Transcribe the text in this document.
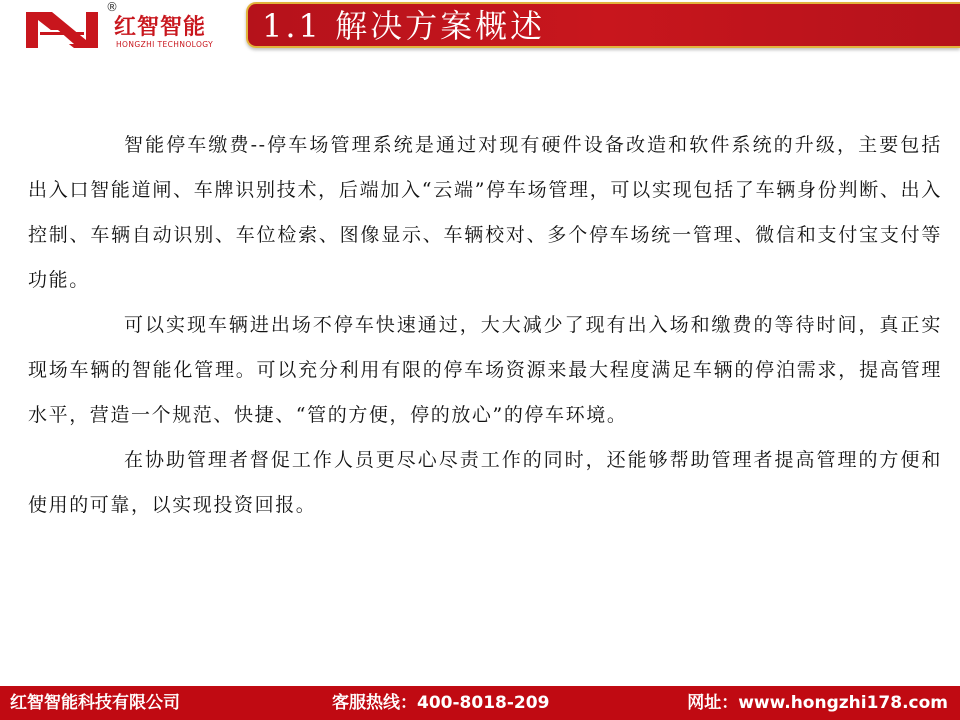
®
红智智能
HONGZHI TECHNOLOGY 1.1 解决方案概述

智能停车缴费--停车场管理系统是通过对现有硬件设备改造和软件系统的升级，主要包括出入口智能道闸、车牌识别技术，后端加入“云端”停车场管理，可以实现包括了车辆身份判断、出入控制、车辆自动识别、车位检索、图像显示、车辆校对、多个停车场统一管理、微信和支付宝支付等功能。

可以实现车辆进出场不停车快速通过，大大减少了现有出入场和缴费的等待时间，真正实现场车辆的智能化管理。可以充分利用有限的停车场资源来最大程度满足车辆的停泊需求，提高管理水平，营造一个规范、快捷、“管的方便，停的放心”的停车环境。

在协助管理者督促工作人员更尽心尽责工作的同时，还能够帮助管理者提高管理的方便和使用的可靠，以实现投资回报。

红智智能科技有限公司	客服热线：400-8018-209	网址：www.hongzhi178.com
